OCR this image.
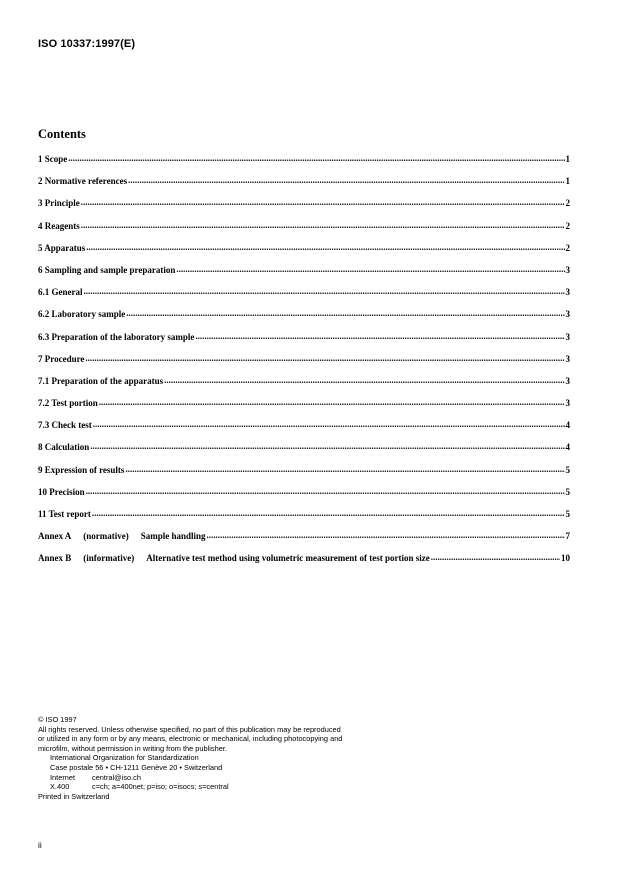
ISO 10337:1997(E)
Contents
1 Scope .....	1
2 Normative references .....	1
3 Principle .....	2
4 Reagents .....	2
5 Apparatus .....	2
6 Sampling and sample preparation .....	3
6.1 General .....	3
6.2 Laboratory sample .....	3
6.3 Preparation of the laboratory sample .....	3
7 Procedure .....	3
7.1 Preparation of the apparatus .....	3
7.2 Test portion .....	3
7.3 Check test .....	4
8 Calculation .....	4
9 Expression of results .....	5
10 Precision .....	5
11 Test report .....	5
Annex A (normative) Sample handling .....	7
Annex B (informative) Alternative test method using volumetric measurement of test portion size .....	10
© ISO 1997
All rights reserved. Unless otherwise specified, no part of this publication may be reproduced
or utilized in any form or by any means, electronic or mechanical, including photocopying and
microfilm, without permission in writing from the publisher.
International Organization for Standardization
Case postale 56 • CH-1211 Genève 20 • Switzerland
Internet central@iso.ch
X.400	c=ch; a=400net; p=iso; o=isocs; s=central
Printed in Switzerland
ii
